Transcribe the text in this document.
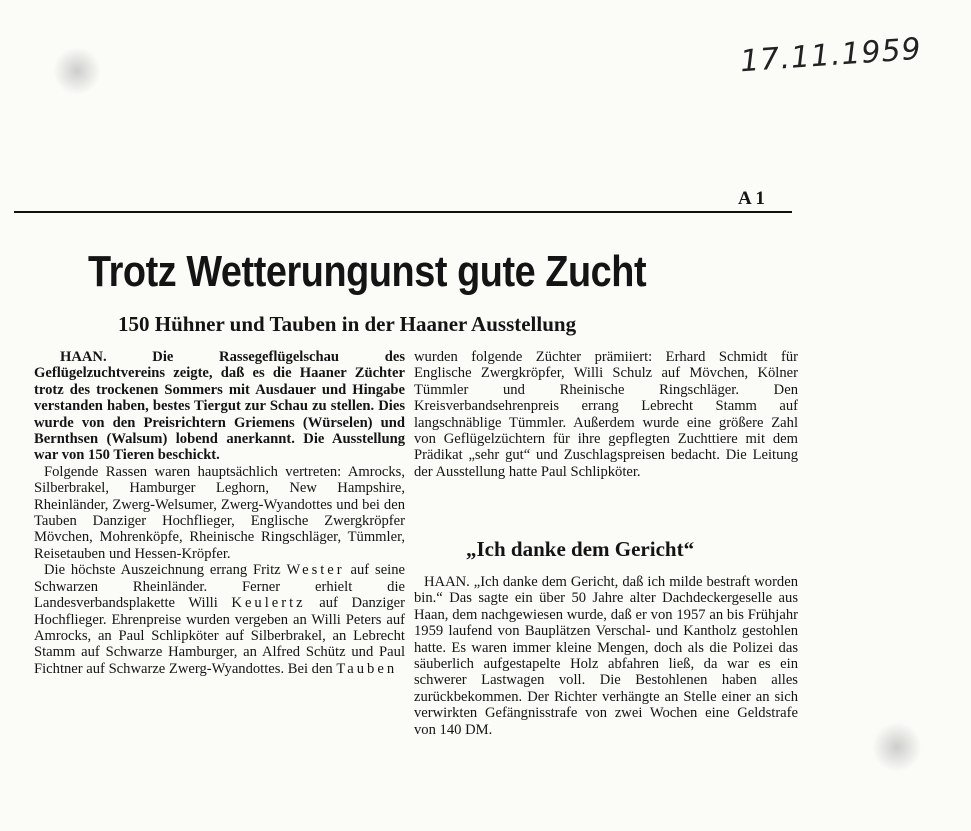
17.11.1959
A 1
Trotz Wetterungunst gute Zucht
150 Hühner und Tauben in der Haaner Ausstellung

HAAN. Die Rassegeflügelschau des Geflügelzuchtvereins zeigte, daß es die Haaner Züchter trotz des trockenen Sommers mit Ausdauer und Hingabe verstanden haben, bestes Tiergut zur Schau zu stellen. Dies wurde von den Preisrichtern Griemens (Würselen) und Bernthsen (Walsum) lobend anerkannt. Die Ausstellung war von 150 Tieren beschickt.

Folgende Rassen waren hauptsächlich vertreten: Amrocks, Silberbrakel, Hamburger Leghorn, New Hampshire, Rheinländer, Zwerg-Welsumer, Zwerg-Wyandottes und bei den Tauben Danziger Hochflieger, Englische Zwergkröpfer Mövchen, Mohrenköpfe, Rheinische Ringschläger, Tümmler, Reisetauben und Hessen-Kröpfer.

Die höchste Auszeichnung errang Fritz Wester auf seine Schwarzen Rheinländer. Ferner erhielt die Landesverbandsplakette Willi Keulertz auf Danziger Hochflieger. Ehrenpreise wurden vergeben an Willi Peters auf Amrocks, an Paul Schlipköter auf Silberbrakel, an Lebrecht Stamm auf Schwarze Hamburger, an Alfred Schütz und Paul Fichtner auf Schwarze Zwerg-Wyandottes. Bei den Tauben

wurden folgende Züchter prämiiert: Erhard Schmidt für Englische Zwergkröpfer, Willi Schulz auf Mövchen, Kölner Tümmler und Rheinische Ringschläger. Den Kreisverbandsehrenpreis errang Lebrecht Stamm auf langschnäblige Tümmler. Außerdem wurde eine größere Zahl von Geflügelzüchtern für ihre gepflegten Zuchttiere mit dem Prädikat „sehr gut“ und Zuschlagspreisen bedacht. Die Leitung der Ausstellung hatte Paul Schlipköter.

„Ich danke dem Gericht“

HAAN. „Ich danke dem Gericht, daß ich milde bestraft worden bin.“ Das sagte ein über 50 Jahre alter Dachdeckergeselle aus Haan, dem nachgewiesen wurde, daß er von 1957 an bis Frühjahr 1959 laufend von Bauplätzen Verschal- und Kantholz gestohlen hatte. Es waren immer kleine Mengen, doch als die Polizei das säuberlich aufgestapelte Holz abfahren ließ, da war es ein schwerer Lastwagen voll. Die Bestohlenen haben alles zurückbekommen. Der Richter verhängte an Stelle einer an sich verwirkten Gefängnisstrafe von zwei Wochen eine Geldstrafe von 140 DM.
